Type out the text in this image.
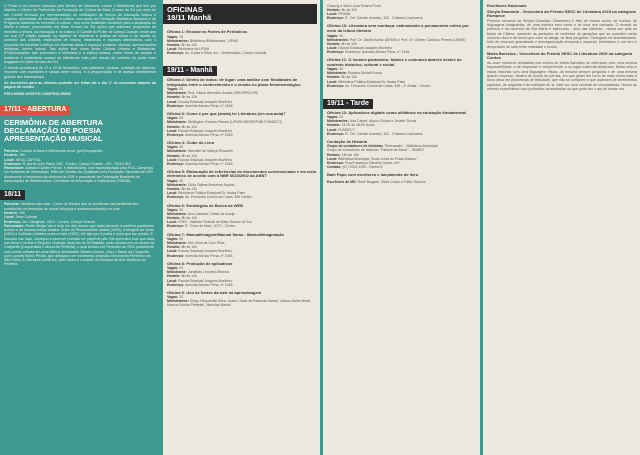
O Proler é um evento realizado pelo Núcleo de Literatura, Leitura e Bibliotecas que tem por objetivo o Centro de Patrimônio da Fundação de Cultura de Mato Grosso do Sul por meio de um Comitê formado por representantes de instituições de ensino da educação básica e superior, secretarias de educação e cultura, com apoio da Fundação Biblioteca Nacional e do Programa Nacional de Incentivo à Leitura - tem como finalidade contribuir para a ampliação do direito à leitura, promovendo em Mato Grosso do Sul ações que articulam programas de incentivo à leitura, na educação e na cultura. O Comitê do Proler de Campo Grande, neste ano em sua 17ª edição pautado no objetivo de incentivar a prática da leitura e da escrita no contexto das cidades, instituições de ensino, bibliotecas e espaços alternativos, com o propósito de fomentar a leitura em diversas áreas e espaços públicos, oficinas, apresentações artísticas, dentre outras. Tais ações têm como tema: Cultura Urbana e Bibliotecas: (Pré)Ocupações que promovem a biblioteca e a cultura urbana, como forma de ampliar e fortalecer e estabelecer acesso às bibliotecas mais pelo estudo ao contexto do poder mais engajado em Mato Grosso do Sul.

O evento acontecerá de 17 a 19 de Novembro, com palestras, oficinas, contação de histórias, encontro com escritores e saraus entre outros, e a programação é de acesso inteiramente gratuito aos interessados.

As inscrições para as oficinas poderão ser feitas até o dia 17 de novembro através da página do evento:

PROLERMS.WIXSITE.COM/PROLERMS

17/11 - ABERTURA
CERIMÔNIA DE ABERTURA DECLAMAÇÃO DE POESIA APRESENTAÇÃO MUSICAL
Palestra: Cultura Urbana e bibliotecas vivas: (pre)Ocupações
Horário: 19h
Local: SESC CAPITAL
Endereço: R. Abrão Júlio Rahe, 325 - Centro, Campo Grande - MS, 79010-010
Palestrante: Adriana Cybele Ferrari, é bibliotecária, com especialização pela PUC-Campinas em Sistemas de Informação, MBA em Gestão da Qualidade pela Fundação Vanzolini da USP. Atualmente é assessora da diretoria da USP e presidente da Federação Brasileira de Associações de Bibliotecários, Cientistas da Informação e Instituições (FEBAB).
18/11
Palestra: Literatura das ruas - Como os Saraus que se proliferam nas periferias têm contribuído na formação de novos leitor(a)s e poetas/escritor(a)s no país.
Horário: 19h
Local: Sesc Cultural
Endereço: Av. Calógeras, 3015 - Centro, Campo Grande
Palestrante: Poeta Sérgio Vaz é hoje um dos nomes que estão fazendo a periferia paulistana sonhar e ao mesmo tempo realizar. Autor de Pensamentos Vadios (1999), A Margem do Vento (1991) e Subindo a ladeira mora a noite (1992), ele fala que é poeta e acha que faz poesia. É formado nas ruas, começou a escrever poesias em papel de pão. Ele aprendeu tudo que sabe nos livros e na Bar e Empório Guarujá, atual bar do Zé Batidão, onde acontecem os saraus da Cooperifa (Cooperativa Cultural da Periferia), o qual fundou em Fevereiro de 2001 juntamente com outros artistas em uma fábrica desativada. Mesmo depois, criou o Sarau da Cooperifa com o poeta Marco Pezão, que deflagrou um movimento chamado Movimento Periférico em São Paulo. A Literatura periférica, além disso é o criador da Semana de Arte Moderna da Periferia.
OFICINAS
18/11 Manhã
Oficina 1: Ensinar as Partes de Periódicos
Vagas: 15
Ministrantes: Biblioteca Bibliotecária - UFMS
Horário: 8h às 12h
Local: Biblioteca da UFMS
Endereço: Av. Costa e Silva, s/n - Universitário, Campo Grande.
19/11 - Manhã
Oficina 2: Direito de todos: de lugar: uma análise com finalidades de integração entre o conhecimento e o ensino no plano fenomenológico
Vagas: 20
Ministrante: Prof. Gilson Benedito Ávalos (SED/PROLER)
Horário: 8h às 12h
Local: Escola Estadual Joaquim Murtinho
Endereço: Avenida Afonso Pena, nº 2445.
Oficina 3: Como e por que (ainda) ler Literatura (em sua aula)?
Vagas: 30
Ministrante: Wellington Furtado Ramos (UFMS/UNIDERP/IBI-FUNDECT)
Horário: 8h às 12h
Local: Escola Estadual Joaquim Murtinho
Endereço: Avenida Afonso Pena, nº 2445.
Oficina 4: Clube do Livro
Vagas: 30
Ministrante: Marcelle de Sabrya Rosarelli
Horário: 8h às 12h
Local: Escola Estadual Joaquim Murtinho
Endereço: Avenida Afonso Pena, nº 2445.
Oficina 5: Elaboração de referências de documentos convencionais e em meio eletrônico de acordo com a NBR 6023/2002 da ABNT
Vagas: 30
Ministrante: Célia Fátima Medeiros Aquino
Horário: 8h às 12h
Local: Biblioteca Pública Estadual Dr. Isaías Paim
Endereço: Av. Fernando Corrêa da Costa, 559 Centro
Oficina 6: Estratégias de Busca na WEB
Vagas: 20
Ministrante: Ana Catarina Castor de Araújo
Horário: 8h às 12h
Local: IFMS - Instituto Federal de Mato Grosso do Sul
Endereço: R. Treze de Maio, 3072 - Centro.
Oficina 7: Manual/Imagem/Manual Sarau - Manual/Imaginação
Vagas: 30
Ministrante: Abe Silva da Cruz Silva
Horário: 8h às 12h
Local: Escola Estadual Joaquim Murtinho
Endereço: Avenida Afonso Pena, nº 2445.
Oficina 8: Produção de aplicativos
Vagas: 20
Ministrante: Jonathas Leomino Medina
Horário: 8h às 12h
Local: Escola Estadual Joaquim Murtinho
Endereço: Avenida Afonso Pena, nº 2445.
Oficina 9: Uso de fontes da web na aprendizagem
Vagas: 20
Ministrantes: Diego Okoyashiki Silva, Juarez Júnio de Rezende dumer, Juliano Alves Miceli, Marcus Rocha Pimentel, Nicholas Maciel
Chaung e Vera Lúcia Solano Porto
Horário: 8h às 12h
Local: FIRMAL
Endereço: R. Cel. Cacildo Arantes, 322 - Chácara Cachoeira.
Oficina 10: Literatura sem mordaça: estimulando o pensamento crítico por meio da leitura literária
Vagas: 30
Ministrantes: Prof. Dr. Daniel Abrão (UEMS) e Prof. Dr. Volmer Cardoso Pereira (UEMS)
Horário: 8h às 12h
Local: Escola Estadual Joaquim Murtinho
Endereço: Endereço: Avenida Afonso Pena, nº 2445.
Oficina 11: O homem pantaneiro: falares e costumes através destes do contexto histórico, cultural e social.
Vagas: 30
Ministrante: Rosana Dichoff Kanai
Horário: 8h às 12h
Local: Biblioteca Pública Estadual Dr. Isaías Paim
Endereço: Av. Fernando Corrêa da Costa, 559 - 2º Andar - Centro.
19/11 - Tarde
Oficina 12: Aplicativos digitais como utilitários na educação fundamental
Vagas: 20
Ministrantes: Ada Cabral, Alyson Souza e Josiele Souza
Horário: 14:00 às 18:00 horas
Local: FUNDECT
Endereço: R. Cel. Cacildo Arantes, 322 - Chácara Cachoeira.
Contação de História
Grupo de contadores de histórias "Sherazade" - Biblioteca Municipal
Grupo de contadores de histórias "Fábrica de Ativar" - SEMED
Horário: 14h às 16h
Local: Biblioteca Municipal "Anna Luísa do Prado Bastos"
Endereço: Rua Francisco Cândido Xavier, s/nº
Contato: (67) 3313-1000 - Ramal 8
Bate Papo com escritores e lançamento de livro
Escritores de MS: Rose Bragato, Silvia Cosco e Fábio Saucho
Escritores Nacionais
Sheyla Smanioto - Vencedora do Prêmio SESC de Literatura 2015 na categoria Romance

Primeiro romance de Sheyla Smanioto, Desesterro é feito de muitas vozes, de sonhos, de linguagens imaginárias, de uma menina sem nome e de uma ave cansada. O enredo da pobreza e da carência da Vila Marta é elaborado - ciclo das histórias - dessa vez pela de Maria de Fátima, narrando as gerações de mulheres de gerações que se sucedem nesta universo duro e de forma que esse os atingir, de final pungente. Carregado de dramaticidade, feito de recursos gramaticais e desorganização temporal e espacial, Desesterro é um livro e despertado de lutar entre realidade e sonho.

Marta Barcelos - Vencedora do Prêmio SESC de Literatura 2015 na categoria Contos

As doze mulheres retratadas nos contos de Marta Barcellos se debruçam com uma mesma impossibilidade: a de responder e compreender a ou lugar maternal idealizado. Marta criou e essas histórias com uma linguagem eficaz, da mesma sempre pergunta e de uma mesma grande surpreso. Mostra de contar de pernas, em que giram em torno de estar muito mais a seus olhos em promessas de felicidade, que não se cumprem e que padecem de sentimentos egoístas, de angústia e da maldade de sr. este um uma conduta de circunstância. Nunca ao mesmo experimento com profissões revanchistas do que pode ser o ato de contar um
